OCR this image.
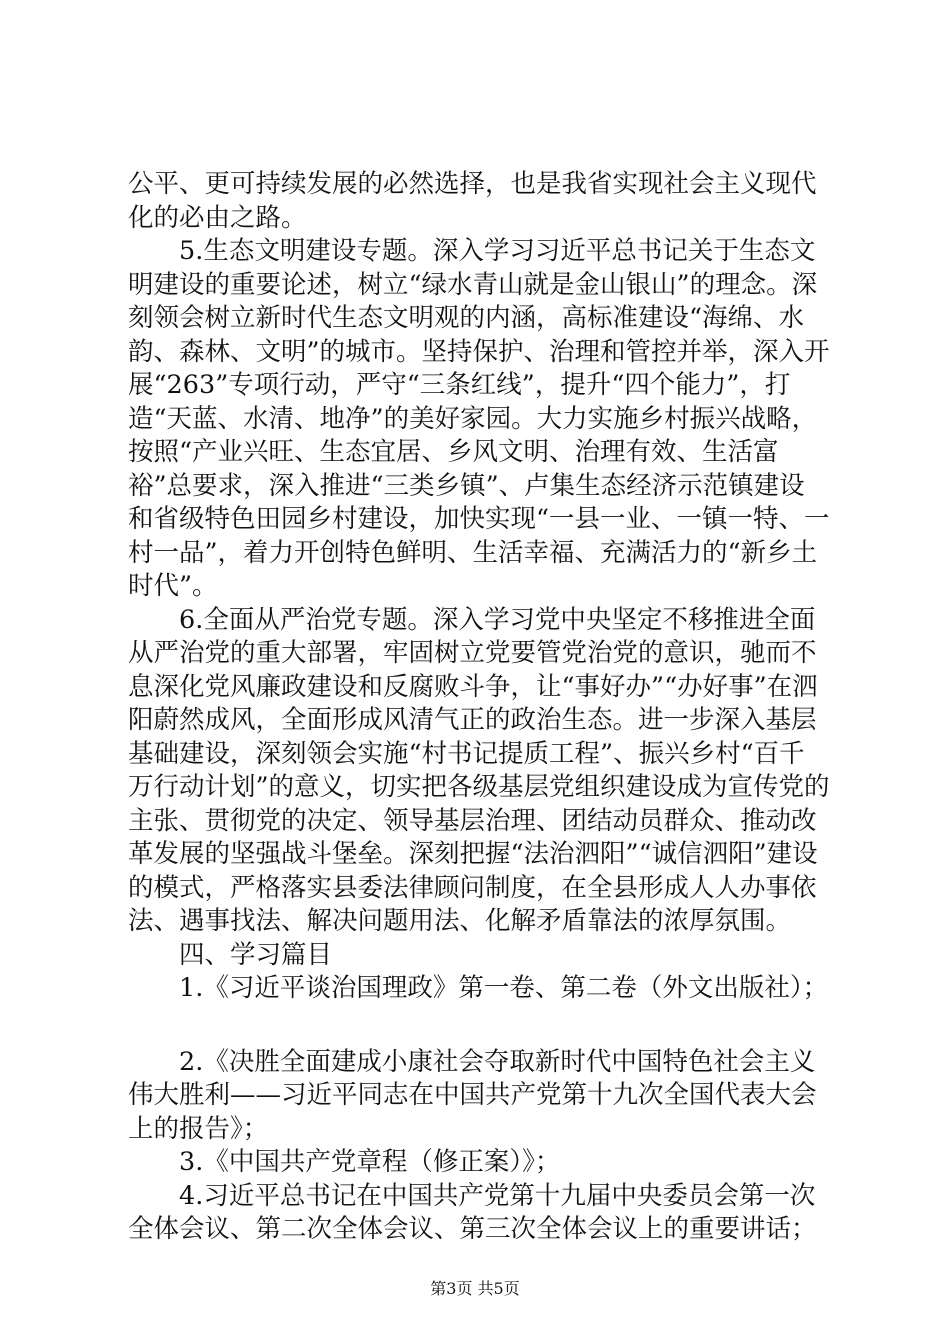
公平、更可持续发展的必然选择，也是我省实现社会主义现代化的必由之路。

5.生态文明建设专题。深入学习习近平总书记关于生态文明建设的重要论述，树立“绿水青山就是金山银山”的理念。深刻领会树立新时代生态文明观的内涵，高标准建设“海绵、水韵、森林、文明”的城市。坚持保护、治理和管控并举，深入开展“263”专项行动，严守“三条红线”，提升“四个能力”，打造“天蓝、水清、地净”的美好家园。大力实施乡村振兴战略，按照“产业兴旺、生态宜居、乡风文明、治理有效、生活富裕”总要求，深入推进“三类乡镇”、卢集生态经济示范镇建设和省级特色田园乡村建设，加快实现“一县一业、一镇一特、一村一品”，着力开创特色鲜明、生活幸福、充满活力的“新乡土时代”。

6.全面从严治党专题。深入学习党中央坚定不移推进全面从严治党的重大部署，牢固树立党要管党治党的意识，驰而不息深化党风廉政建设和反腐败斗争，让“事好办”“办好事”在泗阳蔚然成风，全面形成风清气正的政治生态。进一步深入基层基础建设，深刻领会实施“村书记提质工程”、振兴乡村“百千万行动计划”的意义，切实把各级基层党组织建设成为宣传党的主张、贯彻党的决定、领导基层治理、团结动员群众、推动改革发展的坚强战斗堡垒。深刻把握“法治泗阳”“诚信泗阳”建设的模式，严格落实县委法律顾问制度，在全县形成人人办事依法、遇事找法、解决问题用法、化解矛盾靠法的浓厚氛围。

四、学习篇目

1.《习近平谈治国理政》第一卷、第二卷（外文出版社）；

2.《决胜全面建成小康社会夺取新时代中国特色社会主义伟大胜利——习近平同志在中国共产党第十九次全国代表大会上的报告》；

3.《中国共产党章程（修正案）》；

4.习近平总书记在中国共产党第十九届中央委员会第一次全体会议、第二次全体会议、第三次全体会议上的重要讲话；

第3页 共5页
